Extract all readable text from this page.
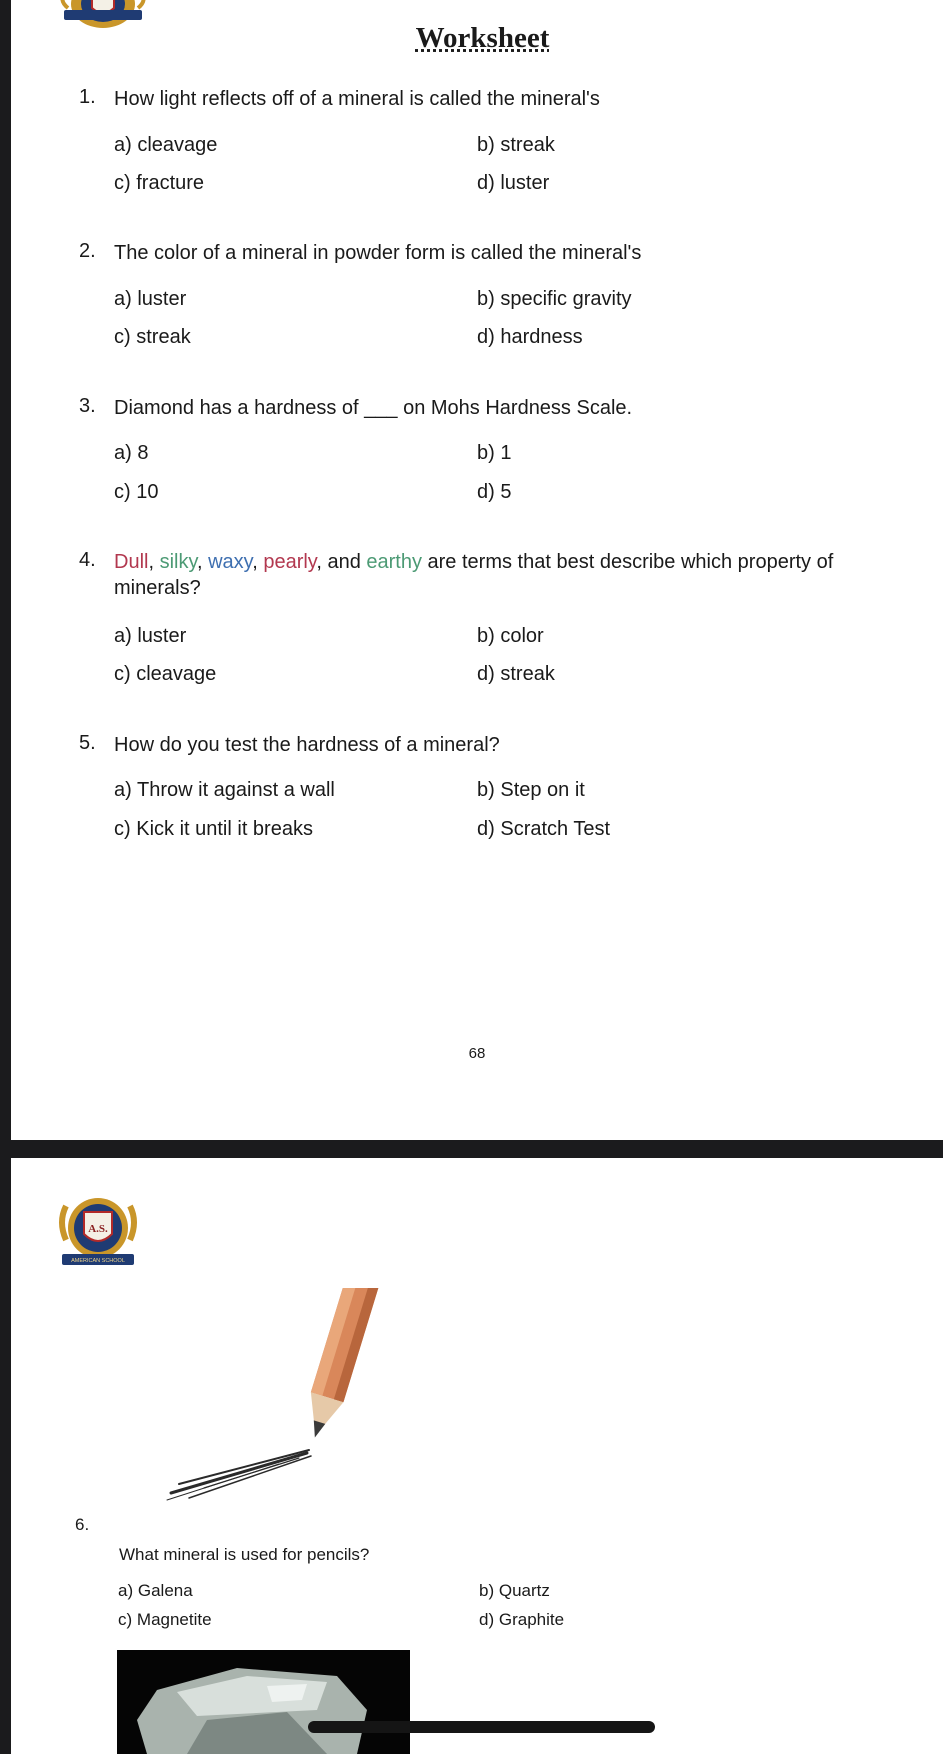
Worksheet
1. How light reflects off of a mineral is called the mineral's
a) cleavage	b) streak
c) fracture	d) luster
2. The color of a mineral in powder form is called the mineral's
a) luster	b) specific gravity
c) streak	d) hardness
3. Diamond has a hardness of ___ on Mohs Hardness Scale.
a) 8	b) 1
c) 10	d) 5
4. Dull, silky, waxy, pearly, and earthy are terms that best describe which property of minerals?
a) luster	b) color
c) cleavage	d) streak
5. How do you test the hardness of a mineral?
a) Throw it against a wall	b) Step on it
c) Kick it until it breaks	d) Scratch Test
68
A.S.
AMERICAN SCHOOL
6.
What mineral is used for pencils?
a) Galena	b) Quartz
c) Magnetite	d) Graphite
